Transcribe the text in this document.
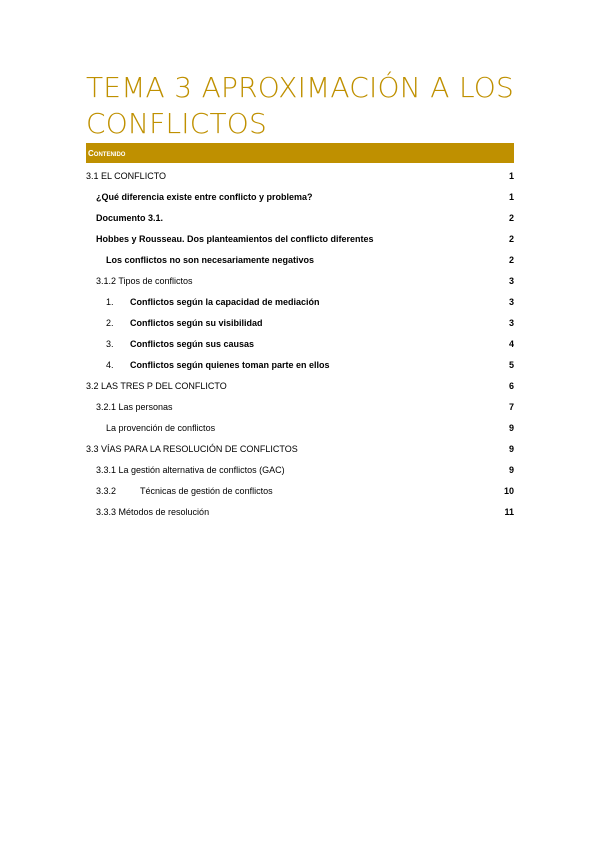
TEMA 3 APROXIMACIÓN A LOS
CONFLICTOS
Contenido
3.1 EL CONFLICTO	1
¿Qué diferencia existe entre conflicto y problema?	1
Documento 3.1.	2
Hobbes y Rousseau. Dos planteamientos del conflicto diferentes	2
Los conflictos no son necesariamente negativos	2
3.1.2 Tipos de conflictos	3
1. Conflictos según la capacidad de mediación	3
2. Conflictos según su visibilidad	3
3. Conflictos según sus causas	4
4. Conflictos según quienes toman parte en ellos	5
3.2 LAS TRES P DEL CONFLICTO	6
3.2.1 Las personas	7
La provención de conflictos	9
3.3 VÍAS PARA LA RESOLUCIÓN DE CONFLICTOS	9
3.3.1 La gestión alternativa de conflictos (GAC)	9
3.3.2	Técnicas de gestión de conflictos	10
3.3.3 Métodos de resolución	11
